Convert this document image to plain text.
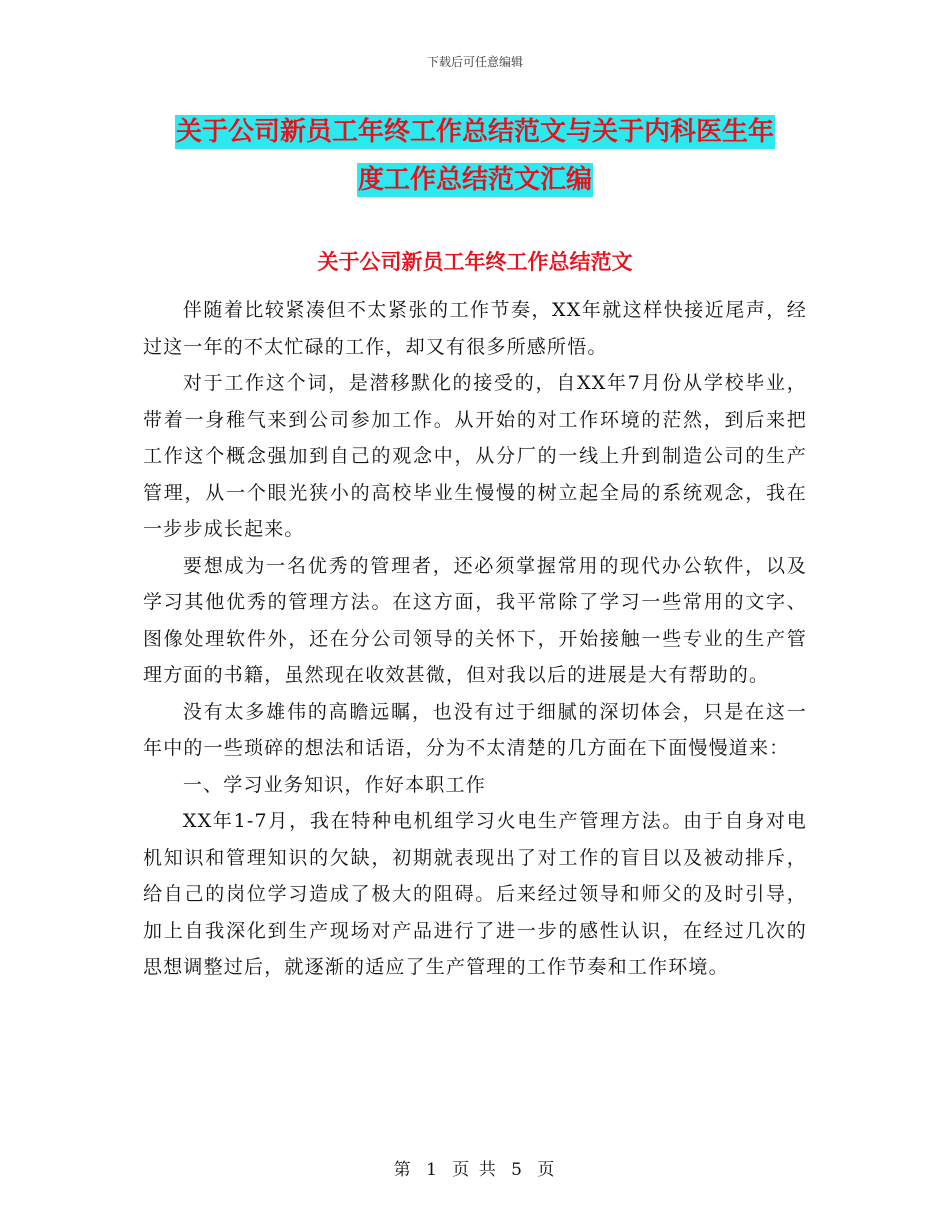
下载后可任意编辑
关于公司新员工年终工作总结范文与关于内科医生年
度工作总结范文汇编
关于公司新员工年终工作总结范文

伴随着比较紧凑但不太紧张的工作节奏，XX年就这样快接近尾声，经过这一年的不太忙碌的工作，却又有很多所感所悟。

对于工作这个词，是潜移默化的接受的，自XX年7月份从学校毕业，带着一身稚气来到公司参加工作。从开始的对工作环境的茫然，到后来把工作这个概念强加到自己的观念中，从分厂的一线上升到制造公司的生产管理，从一个眼光狭小的高校毕业生慢慢的树立起全局的系统观念，我在一步步成长起来。

要想成为一名优秀的管理者，还必须掌握常用的现代办公软件，以及学习其他优秀的管理方法。在这方面，我平常除了学习一些常用的文字、图像处理软件外，还在分公司领导的关怀下，开始接触一些专业的生产管理方面的书籍，虽然现在收效甚微，但对我以后的进展是大有帮助的。

没有太多雄伟的高瞻远瞩，也没有过于细腻的深切体会，只是在这一年中的一些琐碎的想法和话语，分为不太清楚的几方面在下面慢慢道来：

一、学习业务知识，作好本职工作

XX年1-7月，我在特种电机组学习火电生产管理方法。由于自身对电机知识和管理知识的欠缺，初期就表现出了对工作的盲目以及被动排斥，给自己的岗位学习造成了极大的阻碍。后来经过领导和师父的及时引导，加上自我深化到生产现场对产品进行了进一步的感性认识，在经过几次的思想调整过后，就逐渐的适应了生产管理的工作节奏和工作环境。

第 1 页 共 5 页
